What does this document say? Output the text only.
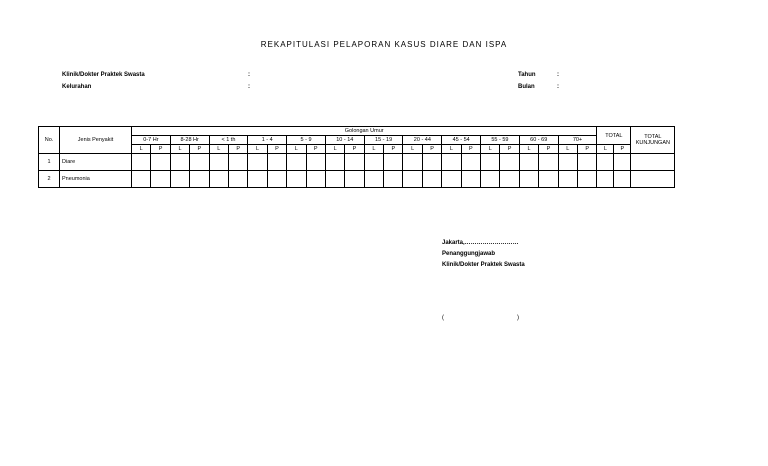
REKAPITULASI PELAPORAN KASUS DIARE DAN ISPA
Klinik/Dokter Praktek Swasta	:
Kelurahan	:
Tahun	:
Bulan	:
No.	Jenis Penyakit	Golongan Umur																								TOTAL		TOTAL KUNJUNGAN
		0-7 Hr		8-28 Hr		< 1 th		1 - 4		5 - 9		10 - 14		15 - 19		20 - 44		45 - 54		55 - 59		60 - 69		70+				
		L	P	L	P	L	P	L	P	L	P	L	P	L	P	L	P	L	P	L	P	L	P	L	P	L	P	
1	Diare																											
2	Pneumonia																											
Jakarta,………………………
Penanggungjawab
Klinik/Dokter Praktek Swasta
(	)
